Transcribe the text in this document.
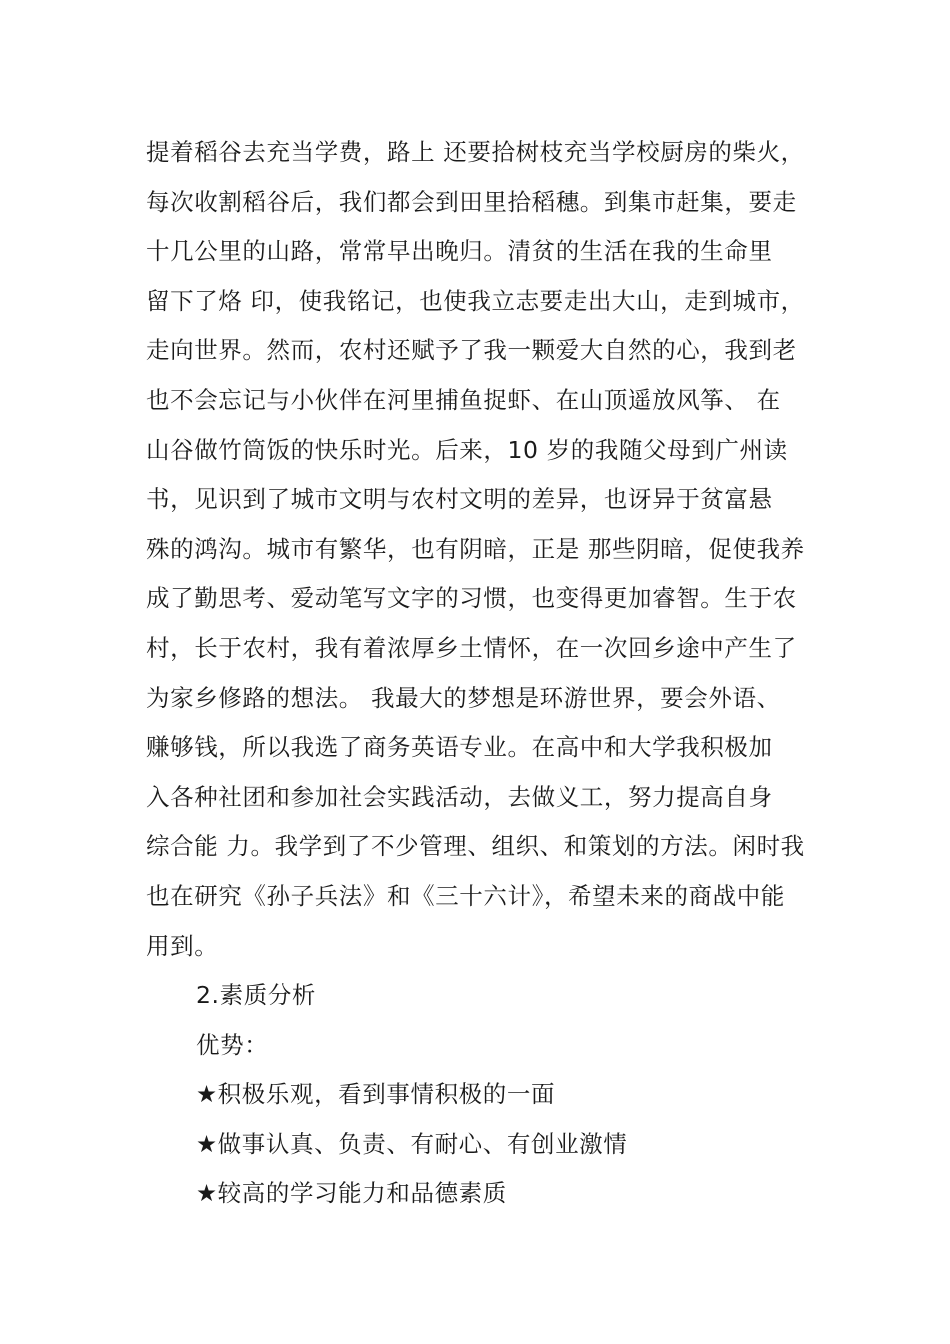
提着稻谷去充当学费，路上 还要拾树枝充当学校厨房的柴火，
每次收割稻谷后，我们都会到田里拾稻穗。到集市赶集，要走
十几公里的山路，常常早出晚归。清贫的生活在我的生命里
留下了烙 印，使我铭记，也使我立志要走出大山，走到城市，
走向世界。然而，农村还赋予了我一颗爱大自然的心，我到老
也不会忘记与小伙伴在河里捕鱼捉虾、在山顶遥放风筝、 在
山谷做竹筒饭的快乐时光。后来，10 岁的我随父母到广州读
书，见识到了城市文明与农村文明的差异，也讶异于贫富悬
殊的鸿沟。城市有繁华，也有阴暗，正是 那些阴暗，促使我养
成了勤思考、爱动笔写文字的习惯，也变得更加睿智。生于农
村，长于农村，我有着浓厚乡土情怀，在一次回乡途中产生了
为家乡修路的想法。 我最大的梦想是环游世界，要会外语、
赚够钱，所以我选了商务英语专业。在高中和大学我积极加
入各种社团和参加社会实践活动，去做义工，努力提高自身
综合能 力。我学到了不少管理、组织、和策划的方法。闲时我
也在研究《孙子兵法》和《三十六计》，希望未来的商战中能
用到。
2.素质分析
优势：
★积极乐观，看到事情积极的一面
★做事认真、负责、有耐心、有创业激情
★较高的学习能力和品德素质
